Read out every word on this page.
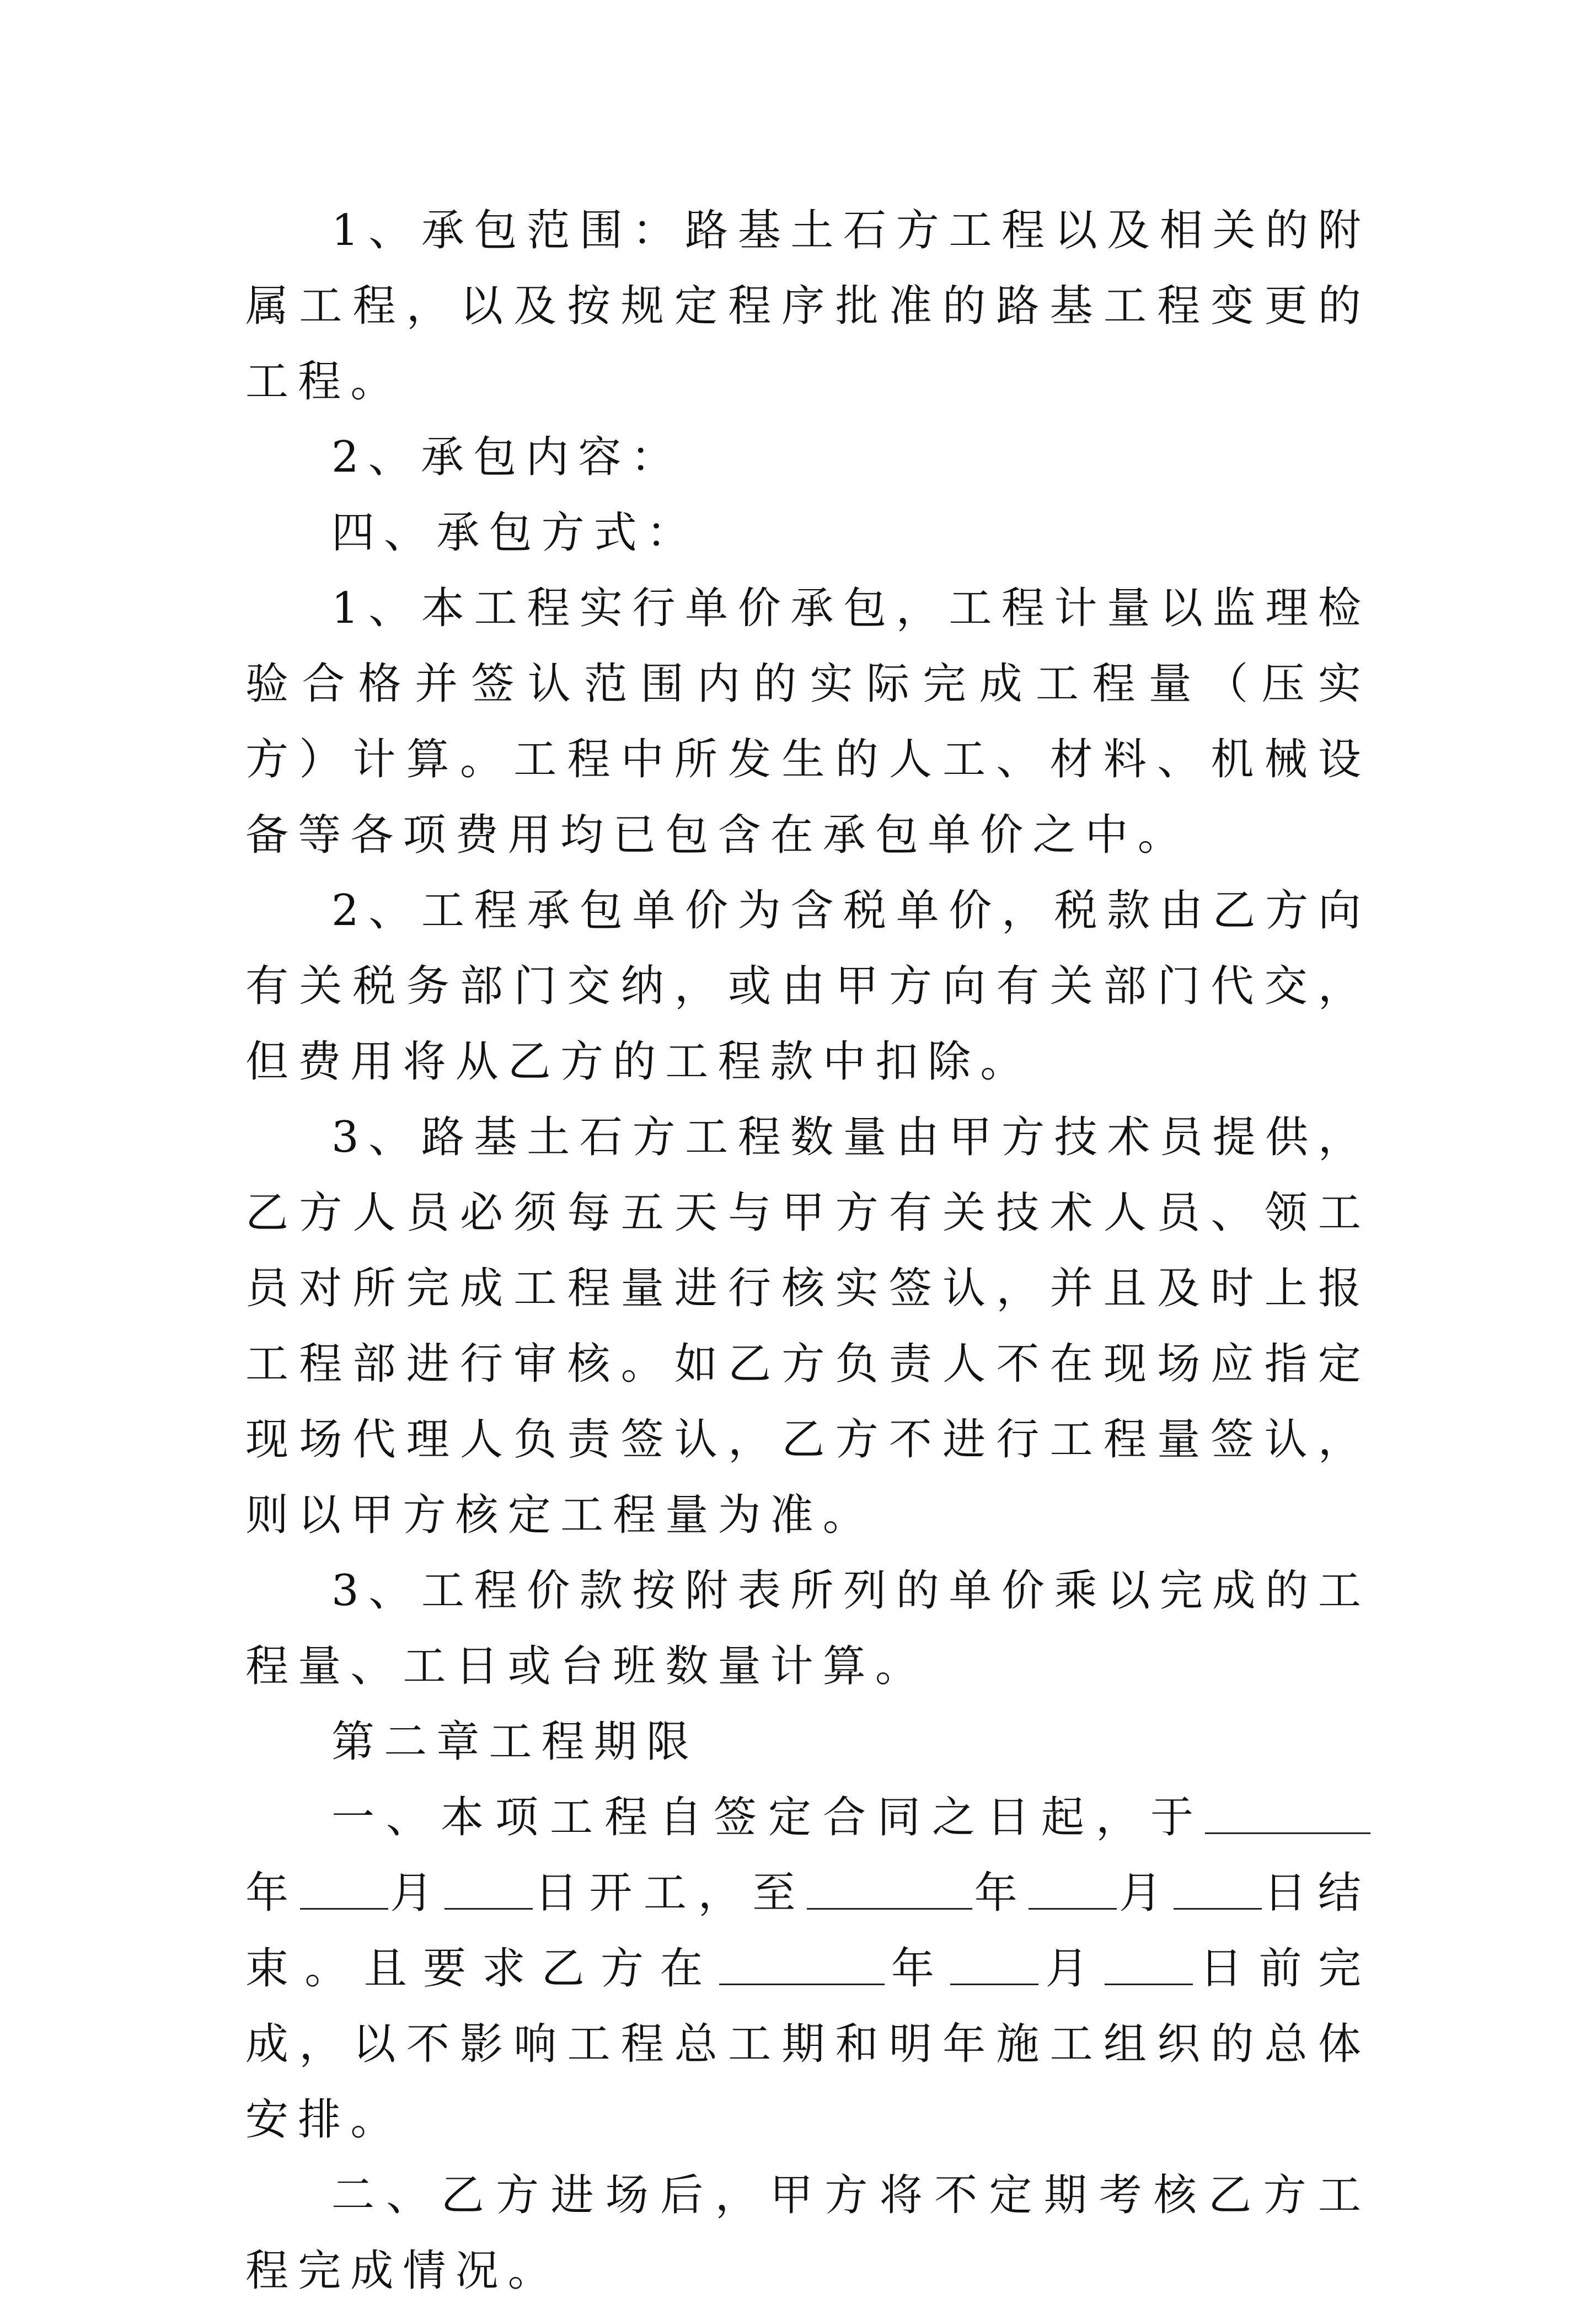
1、承包范围：路基土石方工程以及相关的附属工程，以及按规定程序批准的路基工程变更的工程。

2、承包内容：

四、承包方式：

1、本工程实行单价承包，工程计量以监理检验合格并签认范围内的实际完成工程量（压实方）计算。工程中所发生的人工、材料、机械设备等各项费用均已包含在承包单价之中。

2、工程承包单价为含税单价，税款由乙方向有关税务部门交纳，或由甲方向有关部门代交，但费用将从乙方的工程款中扣除。

3、路基土石方工程数量由甲方技术员提供，乙方人员必须每五天与甲方有关技术人员、领工员对所完成工程量进行核实签认，并且及时上报工程部进行审核。如乙方负责人不在现场应指定现场代理人负责签认，乙方不进行工程量签认，则以甲方核定工程量为准。

3、工程价款按附表所列的单价乘以完成的工程量、工日或台班数量计算。

第二章工程期限

一、本项工程自签定合同之日起，于年 月 日开工，至	年 月 日结束。且要求乙方在	年 月 日前完成，以不影响工程总工期和明年施工组织的总体安排。

二、乙方进场后，甲方将不定期考核乙方工程完成情况。
